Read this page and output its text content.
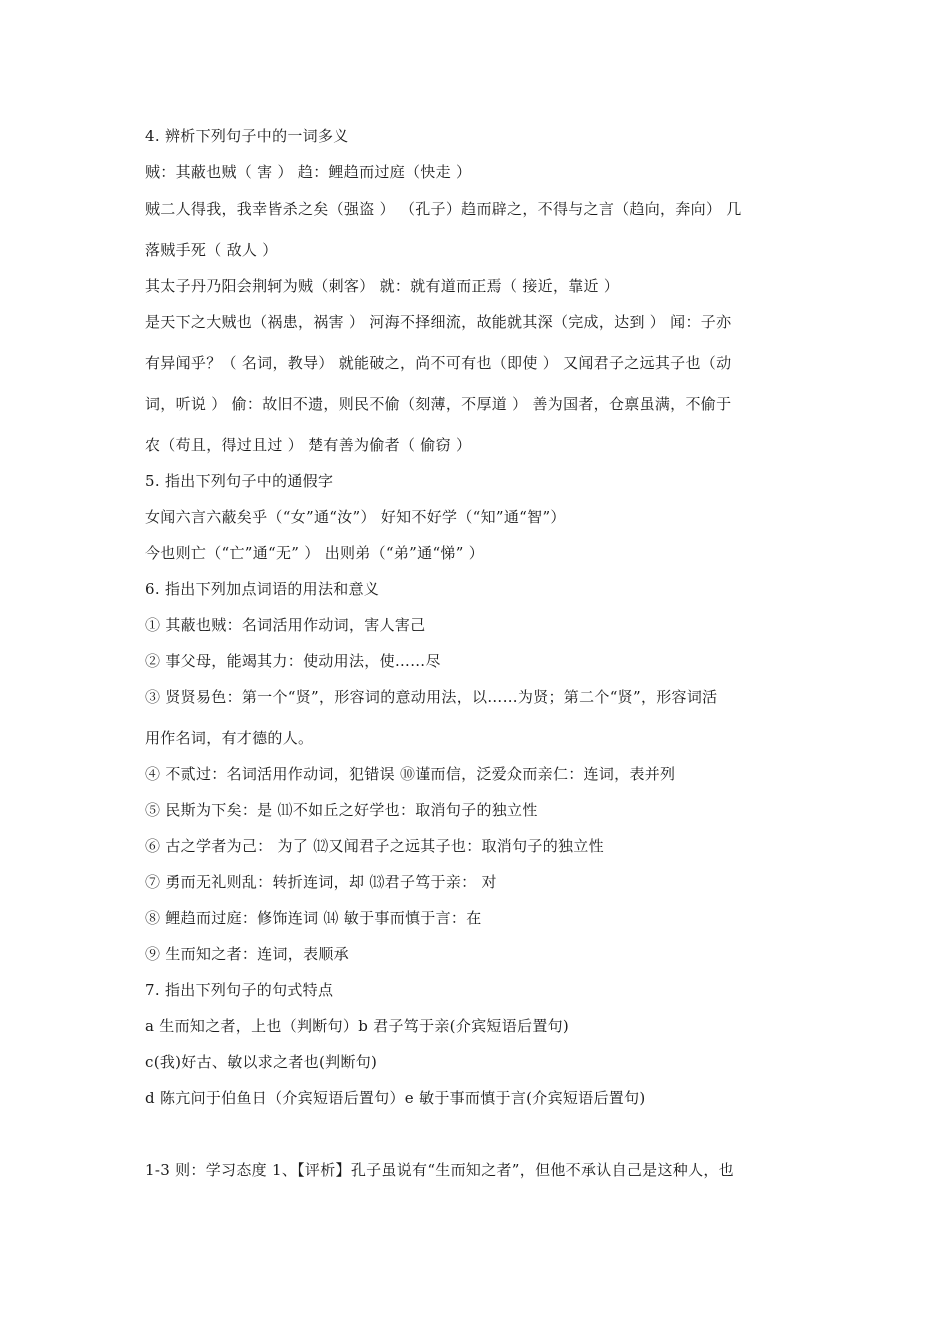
4. 辨析下列句子中的一词多义
贼：其蔽也贼（ 害 ） 趋：鲤趋而过庭（快走 ）
贼二人得我，我幸皆杀之矣（强盗 ） （孔子）趋而辟之，不得与之言（趋向，奔向） 几
落贼手死（ 敌人 ）
其太子丹乃阳会荆轲为贼（刺客） 就：就有道而正焉（ 接近，靠近 ）
是天下之大贼也（祸患，祸害 ） 河海不择细流，故能就其深（完成，达到 ） 闻：子亦
有异闻乎？（ 名词，教导） 就能破之，尚不可有也（即使 ） 又闻君子之远其子也（动
词，听说 ） 偷：故旧不遗，则民不偷（刻薄，不厚道 ） 善为国者，仓禀虽满，不偷于
农（苟且，得过且过 ） 楚有善为偷者（ 偷窃 ）
5. 指出下列句子中的通假字
女闻六言六蔽矣乎（“女”通“汝”） 好知不好学（“知”通“智”）
今也则亡（“亡”通“无” ） 出则弟（“弟”通“悌” ）
6. 指出下列加点词语的用法和意义
① 其蔽也贼：名词活用作动词，害人害己
② 事父母，能竭其力：使动用法，使……尽
③ 贤贤易色：第一个“贤”，形容词的意动用法，以……为贤；第二个“贤”，形容词活
用作名词，有才德的人。
④ 不贰过：名词活用作动词，犯错误 ⑩谨而信，泛爱众而亲仁：连词，表并列
⑤ 民斯为下矣：是 ⑾不如丘之好学也：取消句子的独立性
⑥ 古之学者为己： 为了 ⑿又闻君子之远其子也：取消句子的独立性
⑦ 勇而无礼则乱：转折连词，却 ⒀君子笃于亲： 对
⑧ 鲤趋而过庭：修饰连词 ⒁ 敏于事而慎于言：在
⑨ 生而知之者：连词，表顺承
7. 指出下列句子的句式特点
a 生而知之者，上也（判断句）b 君子笃于亲(介宾短语后置句)
c(我)好古、敏以求之者也(判断句)
d 陈亢问于伯鱼日（介宾短语后置句）e 敏于事而慎于言(介宾短语后置句)
1-3 则：学习态度 1、【评析】孔子虽说有“生而知之者”，但他不承认自己是这种人，也
